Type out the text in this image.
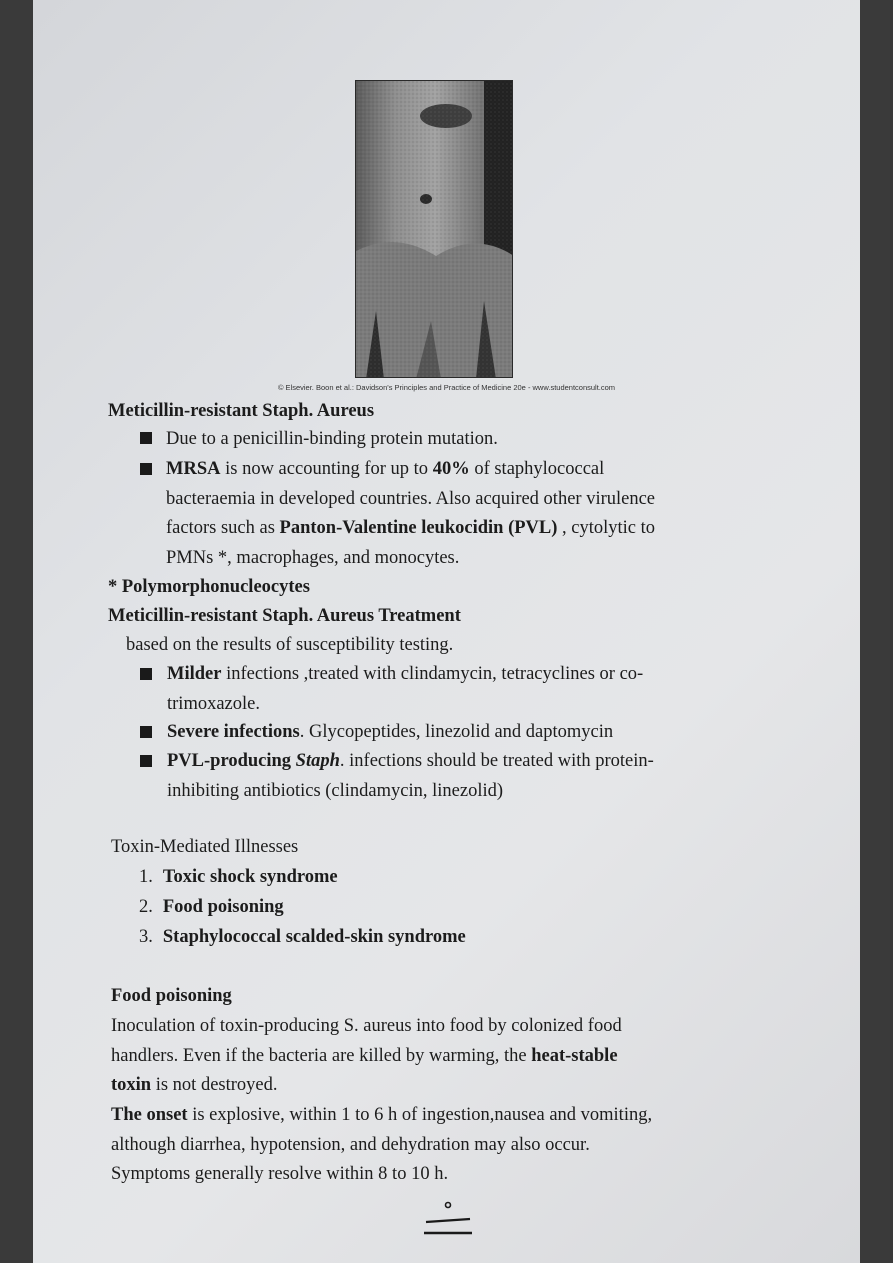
© Elsevier. Boon et al.: Davidson's Principles and Practice of Medicine 20e - www.studentconsult.com
Meticillin-resistant Staph. Aureus
Due to a penicillin-binding protein mutation.
MRSA is now accounting for up to 40% of staphylococcal
bacteraemia in developed countries. Also acquired other virulence
factors such as Panton-Valentine leukocidin (PVL) , cytolytic to
PMNs *, macrophages, and monocytes.
* Polymorphonucleocytes
Meticillin-resistant Staph. Aureus Treatment
based on the results of susceptibility testing.
Milder infections ,treated with clindamycin, tetracyclines or co-
trimoxazole.
Severe infections. Glycopeptides, linezolid and daptomycin
PVL-producing Staph. infections should be treated with protein-
inhibiting antibiotics (clindamycin, linezolid)
Toxin-Mediated Illnesses
1. Toxic shock syndrome
2. Food poisoning
3. Staphylococcal scalded-skin syndrome
Food poisoning
Inoculation of toxin-producing S. aureus into food by colonized food
handlers. Even if the bacteria are killed by warming, the heat-stable
toxin is not destroyed.
The onset is explosive, within 1 to 6 h of ingestion,nausea and vomiting,
although diarrhea, hypotension, and dehydration may also occur.
Symptoms generally resolve within 8 to 10 h.
